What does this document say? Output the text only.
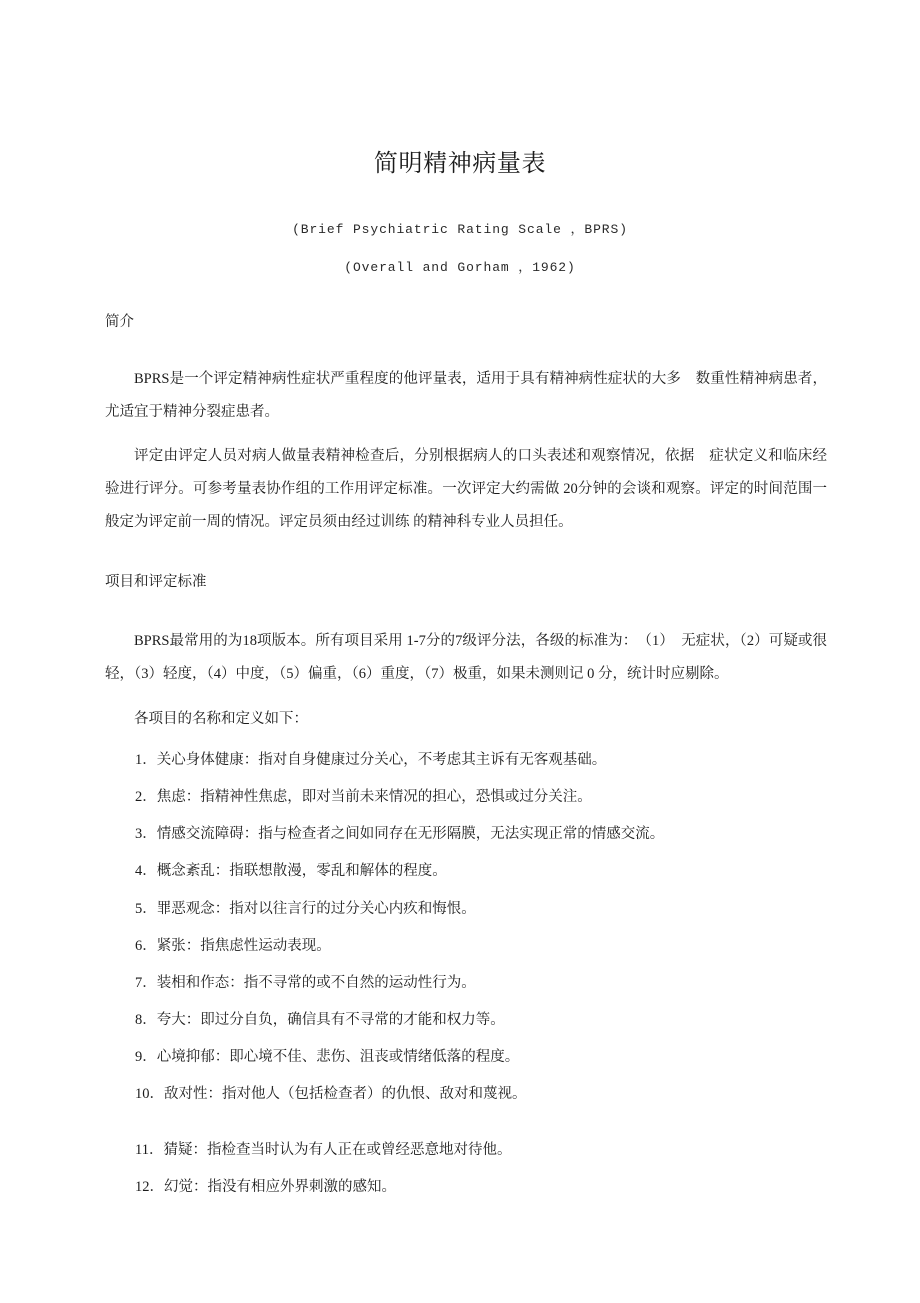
简明精神病量表
(Brief Psychiatric Rating Scale ，BPRS)
(Overall and Gorham ，1962)
简介
BPRS是一个评定精神病性症状严重程度的他评量表，适用于具有精神病性症状的大多　数重性精神病患者，尤适宜于精神分裂症患者。
评定由评定人员对病人做量表精神检查后，分别根据病人的口头表述和观察情况，依据　症状定义和临床经验进行评分。可参考量表协作组的工作用评定标准。一次评定大约需做 20分钟的会谈和观察。评定的时间范围一般定为评定前一周的情况。评定员须由经过训练 的精神科专业人员担任。
项目和评定标准
BPRS最常用的为18项版本。所有项目采用 1-7分的7级评分法，各级的标准为：　（1）　无症状，（2）可疑或很轻，（3）轻度，（4）中度，（5）偏重，（6）重度，（7）极重，如果未测则记 0 分，统计时应剔除。
各项目的名称和定义如下：
1．关心身体健康：指对自身健康过分关心，不考虑其主诉有无客观基础。
2．焦虑：指精神性焦虑，即对当前未来情况的担心，恐惧或过分关注。
3．情感交流障碍：指与检查者之间如同存在无形隔膜，无法实现正常的情感交流。
4．概念紊乱：指联想散漫，零乱和解体的程度。
5．罪恶观念：指对以往言行的过分关心内疚和悔恨。
6．紧张：指焦虑性运动表现。
7．装相和作态：指不寻常的或不自然的运动性行为。
8．夸大：即过分自负，确信具有不寻常的才能和权力等。
9．心境抑郁：即心境不佳、悲伤、沮丧或情绪低落的程度。
10．敌对性：指对他人（包括检查者）的仇恨、敌对和蔑视。
11．猜疑：指检查当时认为有人正在或曾经恶意地对待他。
12．幻觉：指没有相应外界刺激的感知。
